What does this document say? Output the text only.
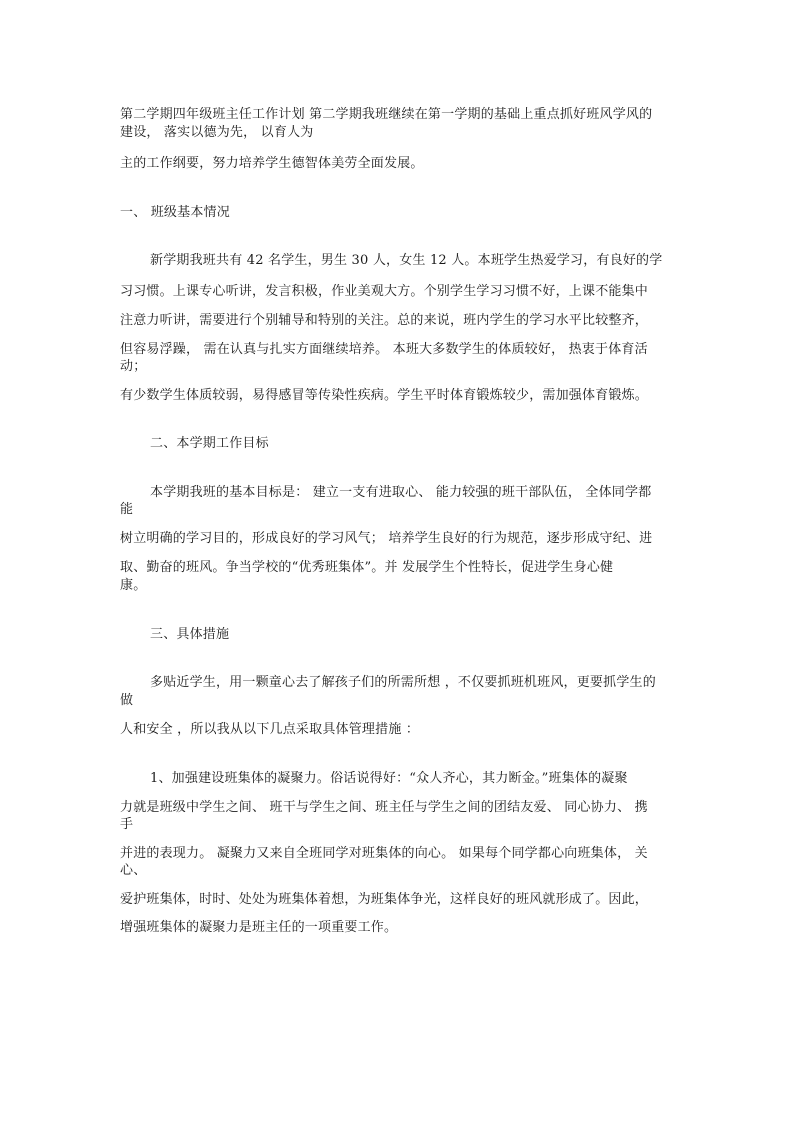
第二学期四年级班主任工作计划 第二学期我班继续在第一学期的基础上重点抓好班风学风的
建设， 落实以德为先， 以育人为
主的工作纲要，努力培养学生德智体美劳全面发展。
一、 班级基本情况
新学期我班共有 42 名学生，男生 30 人，女生 12 人。本班学生热爱学习，有良好的学
习习惯。上课专心听讲，发言积极，作业美观大方。个别学生学习习惯不好，上课不能集中
注意力听讲，需要进行个别辅导和特别的关注。总的来说，班内学生的学习水平比较整齐，
但容易浮躁， 需在认真与扎实方面继续培养。 本班大多数学生的体质较好， 热衷于体育活
动；
有少数学生体质较弱，易得感冒等传染性疾病。学生平时体育锻炼较少，需加强体育锻炼。
二、本学期工作目标
本学期我班的基本目标是： 建立一支有进取心、 能力较强的班干部队伍， 全体同学都
能
树立明确的学习目的，形成良好的学习风气； 培养学生良好的行为规范，逐步形成守纪、进
取、勤奋的班风。争当学校的“优秀班集体”。并 发展学生个性特长，促进学生身心健
康。
三、具体措施
多贴近学生，用一颗童心去了解孩子们的所需所想 ，不仅要抓班机班风，更要抓学生的
做
人和安全 ，所以我从以下几点采取具体管理措施 ：
1、加强建设班集体的凝聚力。俗话说得好：“众人齐心，其力断金。”班集体的凝聚
力就是班级中学生之间、 班干与学生之间、班主任与学生之间的团结友爱、 同心协力、 携
手
并进的表现力。 凝聚力又来自全班同学对班集体的向心。 如果每个同学都心向班集体， 关
心、
爱护班集体，时时、处处为班集体着想，为班集体争光，这样良好的班风就形成了。因此，
增强班集体的凝聚力是班主任的一项重要工作。
